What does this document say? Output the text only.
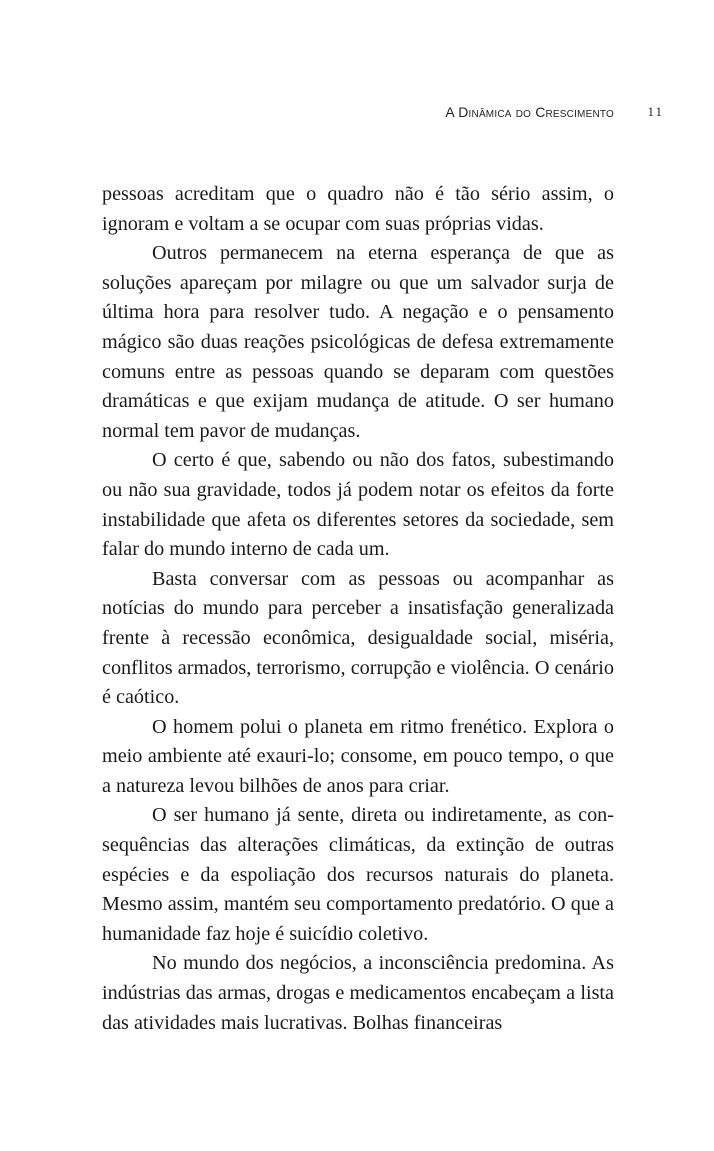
A Dinâmica do Crescimento	11

pessoas acreditam que o quadro não é tão sério assim, o ignoram e voltam a se ocupar com suas próprias vidas.

Outros permanecem na eterna esperança de que as soluções apareçam por milagre ou que um salvador surja de última hora para resolver tudo. A negação e o pensamento mágico são duas reações psicológicas de defesa extremamente comuns entre as pessoas quando se deparam com questões dramáticas e que exijam mudança de atitude. O ser humano normal tem pavor de mudanças.

O certo é que, sabendo ou não dos fatos, subestimando ou não sua gravidade, todos já podem notar os efeitos da forte instabilidade que afeta os diferentes setores da sociedade, sem falar do mundo interno de cada um.

Basta conversar com as pessoas ou acompanhar as notícias do mundo para perceber a insatisfação generalizada frente à recessão econômica, desigualdade social, miséria, conflitos armados, terrorismo, corrupção e violência. O cenário é caótico.

O homem polui o planeta em ritmo frenético. Explora o meio ambiente até exauri-lo; consome, em pouco tempo, o que a natureza levou bilhões de anos para criar.

O ser humano já sente, direta ou indiretamente, as consequências das alterações climáticas, da extinção de outras espécies e da espoliação dos recursos naturais do planeta. Mesmo assim, mantém seu comportamento predatório. O que a humanidade faz hoje é suicídio coletivo.

No mundo dos negócios, a inconsciência predomina. As indústrias das armas, drogas e medicamentos encabeçam a lista das atividades mais lucrativas. Bolhas financeiras
